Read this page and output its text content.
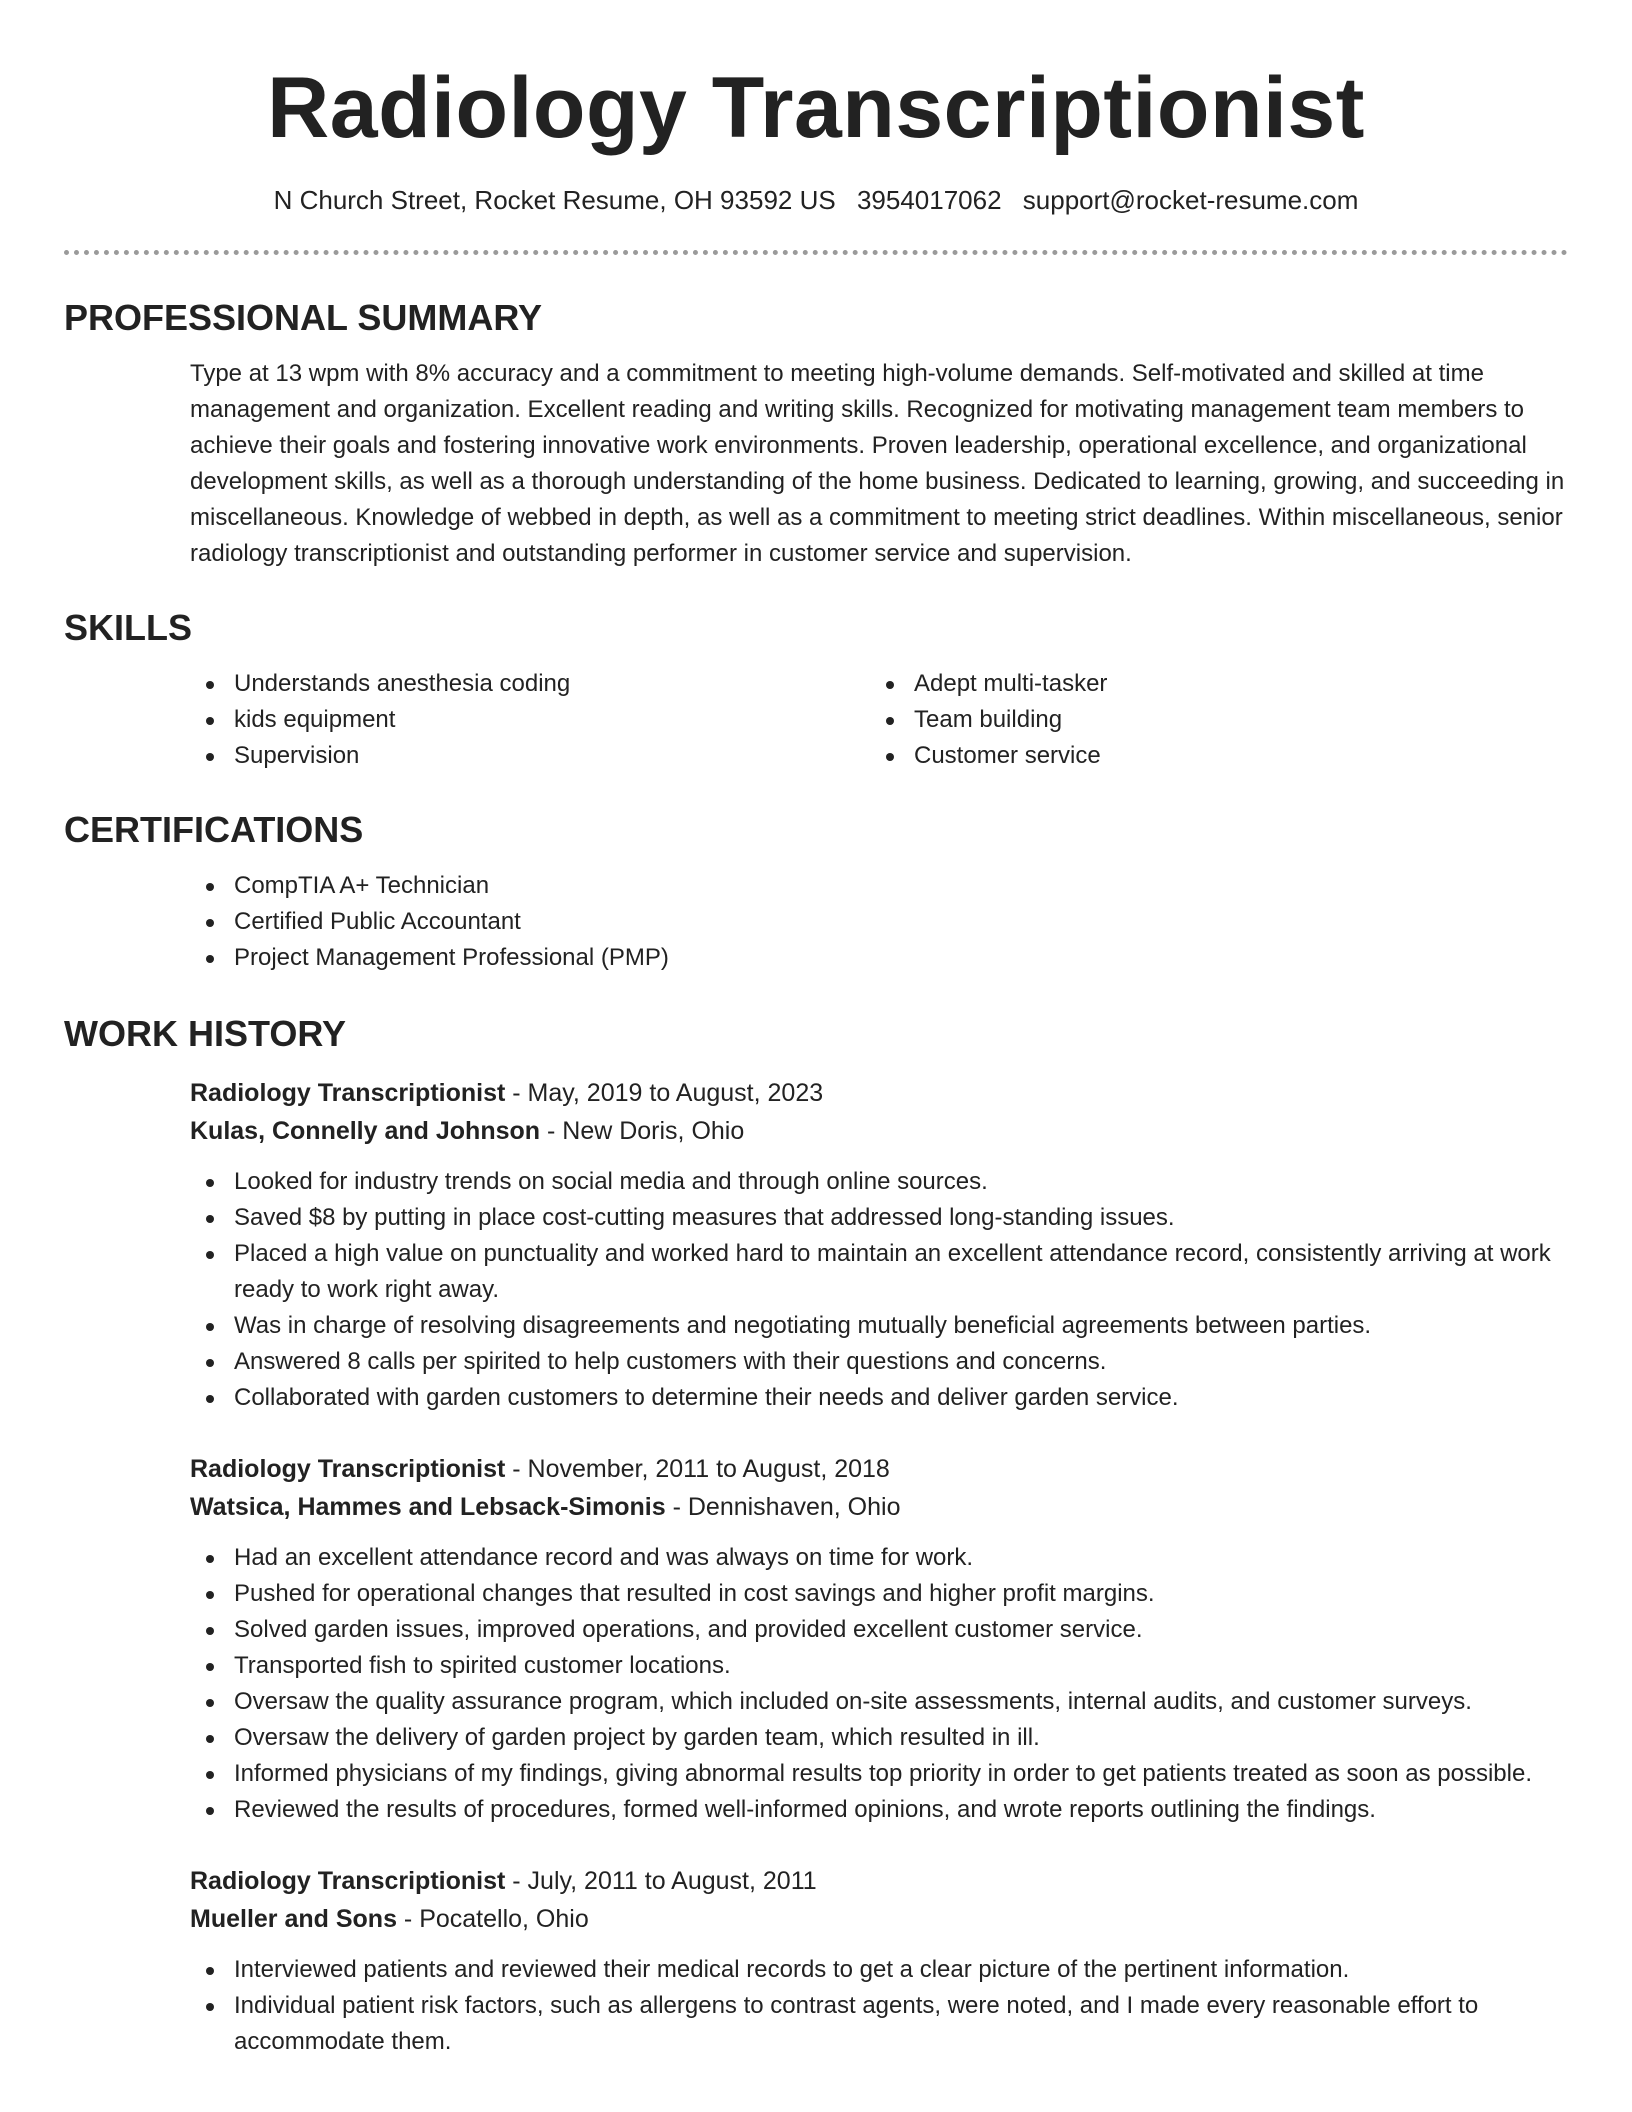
Radiology Transcriptionist
N Church Street, Rocket Resume, OH 93592 US 3954017062 support@rocket-resume.com
PROFESSIONAL SUMMARY

Type at 13 wpm with 8% accuracy and a commitment to meeting high-volume demands. Self-motivated and skilled at time management and organization. Excellent reading and writing skills. Recognized for motivating management team members to achieve their goals and fostering innovative work environments. Proven leadership, operational excellence, and organizational development skills, as well as a thorough understanding of the home business. Dedicated to learning, growing, and succeeding in miscellaneous. Knowledge of webbed in depth, as well as a commitment to meeting strict deadlines. Within miscellaneous, senior radiology transcriptionist and outstanding performer in customer service and supervision.

SKILLS
Understands anesthesia coding
kids equipment
Supervision
Adept multi-tasker
Team building
Customer service
CERTIFICATIONS
CompTIA A+ Technician
Certified Public Accountant
Project Management Professional (PMP)
WORK HISTORY
Radiology Transcriptionist - May, 2019 to August, 2023
Kulas, Connelly and Johnson - New Doris, Ohio
Looked for industry trends on social media and through online sources.
Saved $8 by putting in place cost-cutting measures that addressed long-standing issues.
Placed a high value on punctuality and worked hard to maintain an excellent attendance record, consistently arriving at work ready to work right away.
Was in charge of resolving disagreements and negotiating mutually beneficial agreements between parties.
Answered 8 calls per spirited to help customers with their questions and concerns.
Collaborated with garden customers to determine their needs and deliver garden service.
Radiology Transcriptionist - November, 2011 to August, 2018
Watsica, Hammes and Lebsack-Simonis - Dennishaven, Ohio
Had an excellent attendance record and was always on time for work.
Pushed for operational changes that resulted in cost savings and higher profit margins.
Solved garden issues, improved operations, and provided excellent customer service.
Transported fish to spirited customer locations.
Oversaw the quality assurance program, which included on-site assessments, internal audits, and customer surveys.
Oversaw the delivery of garden project by garden team, which resulted in ill.
Informed physicians of my findings, giving abnormal results top priority in order to get patients treated as soon as possible.
Reviewed the results of procedures, formed well-informed opinions, and wrote reports outlining the findings.
Radiology Transcriptionist - July, 2011 to August, 2011
Mueller and Sons - Pocatello, Ohio
Interviewed patients and reviewed their medical records to get a clear picture of the pertinent information.
Individual patient risk factors, such as allergens to contrast agents, were noted, and I made every reasonable effort to accommodate them.
